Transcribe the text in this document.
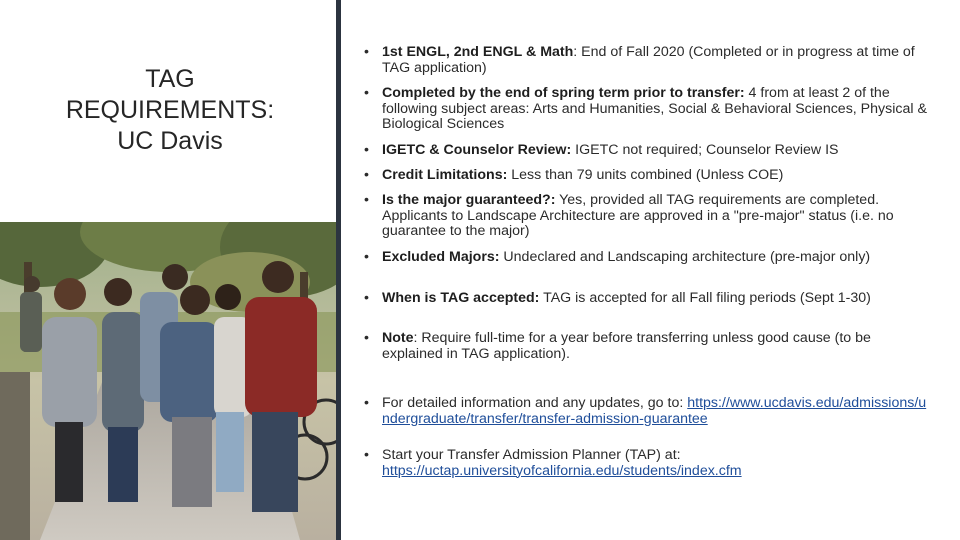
TAG
REQUIREMENTS:
UC Davis
• 1st ENGL, 2nd ENGL & Math: End of Fall 2020 (Completed or in progress at time of TAG application)
• Completed by the end of spring term prior to transfer: 4 from at least 2 of the following subject areas: Arts and Humanities, Social & Behavioral Sciences, Physical & Biological Sciences
• IGETC & Counselor Review: IGETC not required; Counselor Review IS
• Credit Limitations: Less than 79 units combined (Unless COE)
• Is the major guaranteed?: Yes, provided all TAG requirements are completed. Applicants to Landscape Architecture are approved in a "pre-major" status (i.e. no guarantee to the major)
• Excluded Majors: Undeclared and Landscaping architecture (pre-major only)
• When is TAG accepted: TAG is accepted for all Fall filing periods (Sept 1-30)
• Note: Require full-time for a year before transferring unless good cause (to be explained in TAG application).
• For detailed information and any updates, go to: https://www.ucdavis.edu/admissions/undergraduate/transfer/transfer-admission-guarantee
• Start your Transfer Admission Planner (TAP) at: https://uctap.universityofcalifornia.edu/students/index.cfm
